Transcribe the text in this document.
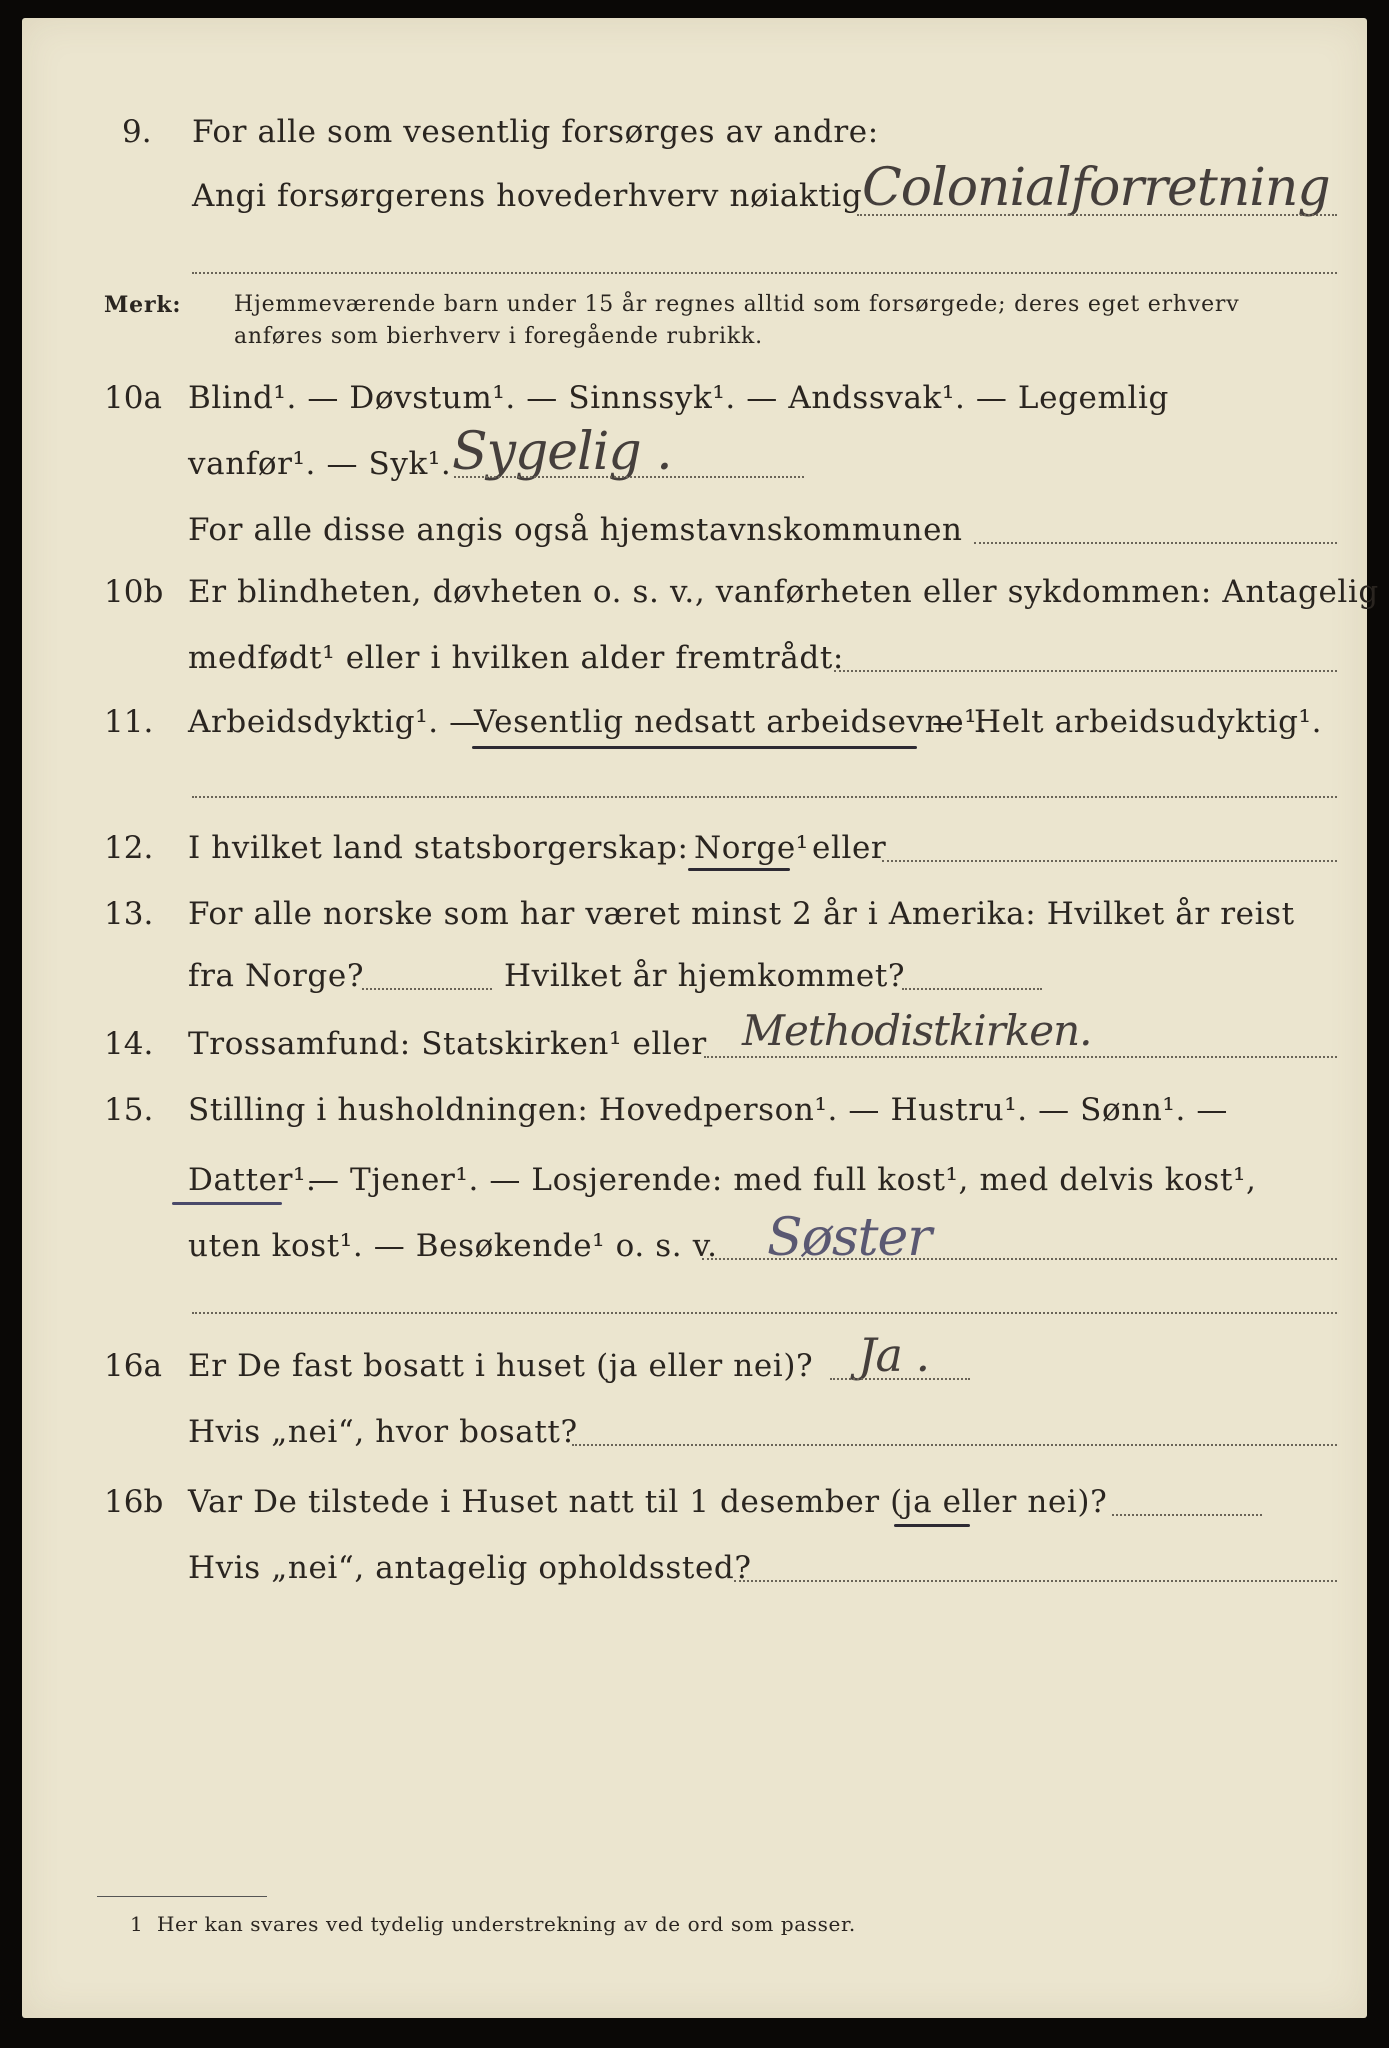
9. For alle som vesentlig forsørges av andre:
Angi forsørgerens hovederhverv nøiaktig Colonialforretning
Merk: Hjemmeværende barn under 15 år regnes alltid som forsørgede; deres eget erhverv
anføres som bierhverv i foregående rubrikk.
10a Blind¹. — Døvstum¹. — Sinnssyk¹. — Andssvak¹. — Legemlig
vanfør¹. — Syk¹. Sygelig .
For alle disse angis også hjemstavnskommunen
10b Er blindheten, døvheten o. s. v., vanførheten eller sykdommen: Antagelig
medfødt¹ eller i hvilken alder fremtrådt:
11. Arbeidsdyktig¹. —
Vesentlig nedsatt arbeidsevne¹.
— Helt arbeidsudyktig¹.
12. I hvilket land statsborgerskap: Norge¹ eller
13. For alle norske som har været minst 2 år i Amerika: Hvilket år reist
fra Norge?	Hvilket år hjemkommet?
14. Trossamfund: Statskirken¹ eller Methodistkirken.
15. Stilling i husholdningen: Hovedperson¹. — Hustru¹. — Sønn¹. —
Datter¹.
— Tjener¹. — Losjerende: med full kost¹, med delvis kost¹,
uten kost¹. — Besøkende¹ o. s. v. Søster
16a Er De fast bosatt i huset (ja eller nei)? Ja .
Hvis „nei“, hvor bosatt?
16b Var De tilstede i Huset natt til 1 desember (ja eller nei)?
Hvis „nei“, antagelig opholdssted?
1 Her kan svares ved tydelig understrekning av de ord som passer.
